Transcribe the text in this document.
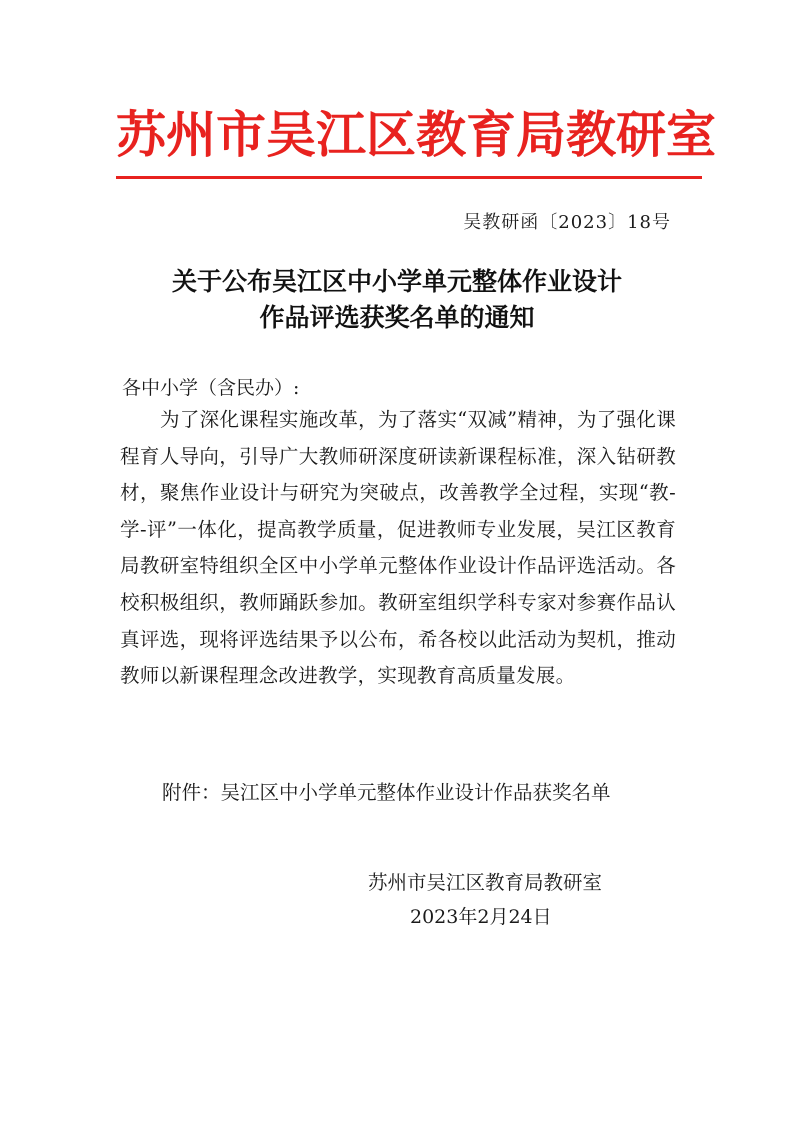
苏州市吴江区教育局教研室
吴教研函〔2023〕18号
关于公布吴江区中小学单元整体作业设计
作品评选获奖名单的通知
各中小学（含民办）:
为了深化课程实施改革，为了落实“双减”精神，为了强化课程育人导向，引导广大教师研深度研读新课程标准，深入钻研教材，聚焦作业设计与研究为突破点，改善教学全过程，实现“教-学-评”一体化，提高教学质量，促进教师专业发展，吴江区教育局教研室特组织全区中小学单元整体作业设计作品评选活动。各校积极组织，教师踊跃参加。教研室组织学科专家对参赛作品认真评选，现将评选结果予以公布，希各校以此活动为契机，推动教师以新课程理念改进教学，实现教育高质量发展。
附件：吴江区中小学单元整体作业设计作品获奖名单
苏州市吴江区教育局教研室
2023年2月24日
